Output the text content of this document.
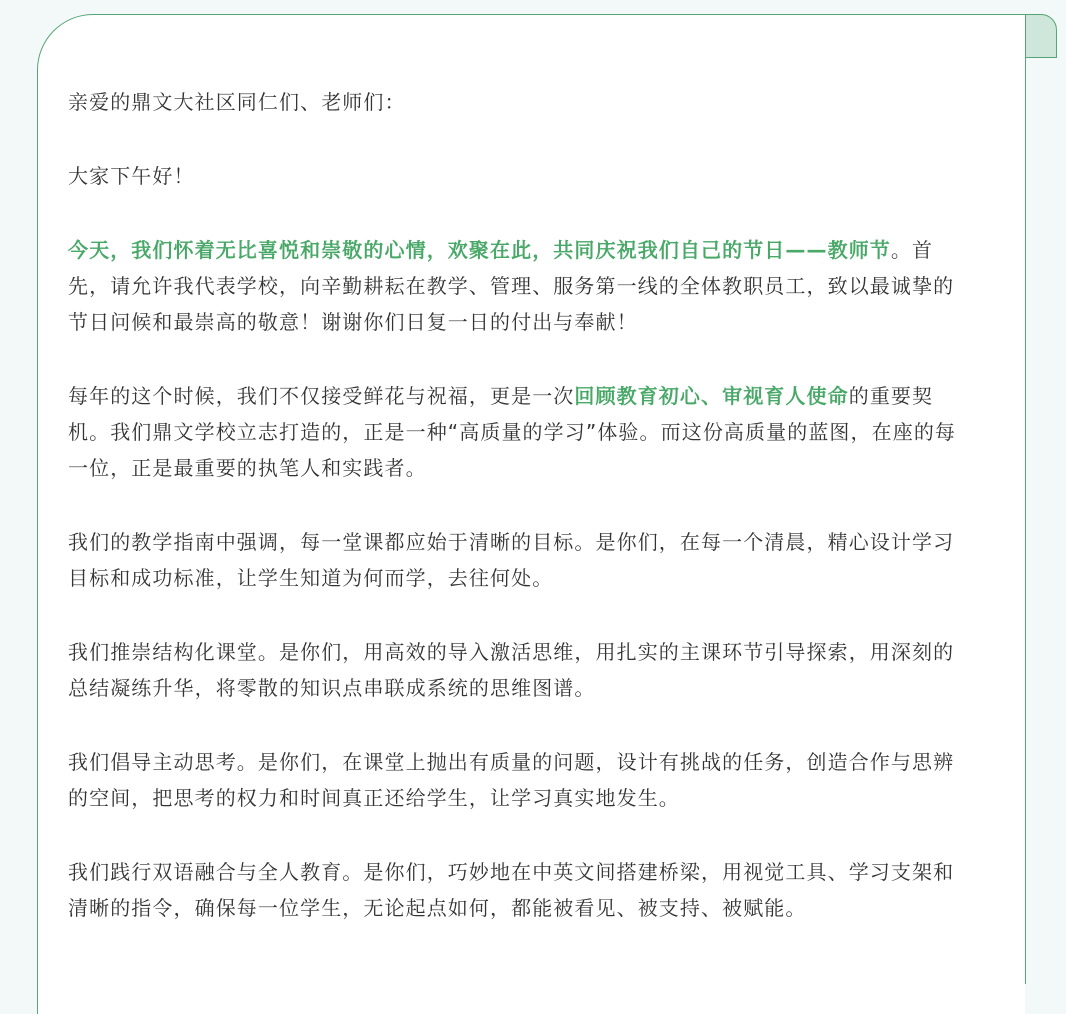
亲爱的鼎文大社区同仁们、老师们：

大家下午好！

今天，我们怀着无比喜悦和崇敬的心情，欢聚在此，共同庆祝我们自己的节日——教师节。首先，请允许我代表学校，向辛勤耕耘在教学、管理、服务第一线的全体教职员工，致以最诚挚的节日问候和最崇高的敬意！谢谢你们日复一日的付出与奉献！

每年的这个时候，我们不仅接受鲜花与祝福，更是一次回顾教育初心、审视育人使命的重要契机。我们鼎文学校立志打造的，正是一种“高质量的学习”体验。而这份高质量的蓝图，在座的每一位，正是最重要的执笔人和实践者。

我们的教学指南中强调，每一堂课都应始于清晰的目标。是你们，在每一个清晨，精心设计学习目标和成功标准，让学生知道为何而学，去往何处。

我们推崇结构化课堂。是你们，用高效的导入激活思维，用扎实的主课环节引导探索，用深刻的总结凝练升华，将零散的知识点串联成系统的思维图谱。

我们倡导主动思考。是你们，在课堂上抛出有质量的问题，设计有挑战的任务，创造合作与思辨的空间，把思考的权力和时间真正还给学生，让学习真实地发生。

我们践行双语融合与全人教育。是你们，巧妙地在中英文间搭建桥梁，用视觉工具、学习支架和清晰的指令，确保每一位学生，无论起点如何，都能被看见、被支持、被赋能。
